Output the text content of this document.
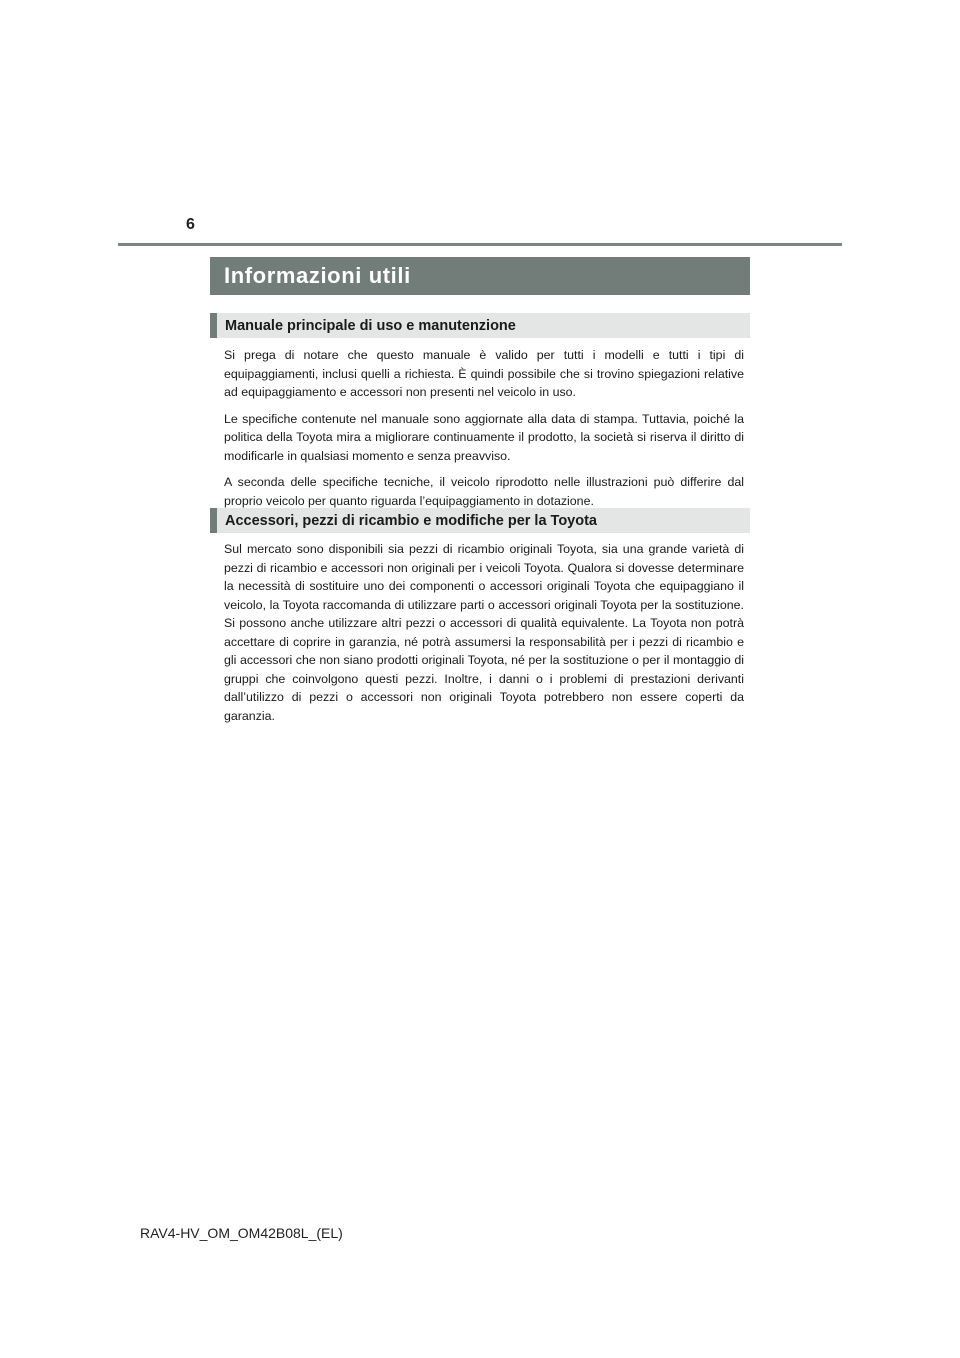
6
Informazioni utili
Manuale principale di uso e manutenzione

Si prega di notare che questo manuale è valido per tutti i modelli e tutti i tipi di equipaggiamenti, inclusi quelli a richiesta. È quindi possibile che si trovino spiegazioni relative ad equipaggiamento e accessori non presenti nel veicolo in uso.

Le specifiche contenute nel manuale sono aggiornate alla data di stampa. Tuttavia, poiché la politica della Toyota mira a migliorare continuamente il prodotto, la società si riserva il diritto di modificarle in qualsiasi momento e senza preavviso.

A seconda delle specifiche tecniche, il veicolo riprodotto nelle illustrazioni può differire dal proprio veicolo per quanto riguarda l’equipaggiamento in dotazione.

Accessori, pezzi di ricambio e modifiche per la Toyota

Sul mercato sono disponibili sia pezzi di ricambio originali Toyota, sia una grande varietà di pezzi di ricambio e accessori non originali per i veicoli Toyota. Qualora si dovesse determinare la necessità di sostituire uno dei componenti o accessori originali Toyota che equipaggiano il veicolo, la Toyota raccomanda di utilizzare parti o accessori originali Toyota per la sostituzione. Si possono anche utilizzare altri pezzi o accessori di qualità equivalente. La Toyota non potrà accettare di coprire in garanzia, né potrà assumersi la responsabilità per i pezzi di ricambio e gli accessori che non siano prodotti originali Toyota, né per la sostituzione o per il montaggio di gruppi che coinvolgono questi pezzi. Inoltre, i danni o i problemi di prestazioni derivanti dall’utilizzo di pezzi o accessori non originali Toyota potrebbero non essere coperti da garanzia.

RAV4-HV_OM_OM42B08L_(EL)
